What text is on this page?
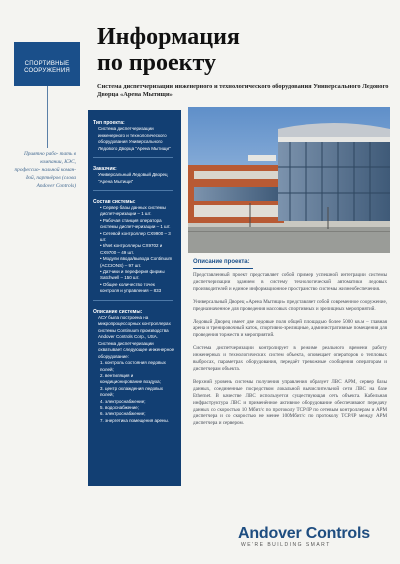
СПОРТИВНЫЕ СООРУЖЕНИЯ
Приятно рабо- тать в компании, КЭС, профессио- нальной коман- дой, партнёров (слова Andover Controls)
Информация
по проекту
Система диспетчеризации инженерного и технологического оборудования Универсального Ледового Дворца «Арена Мытищи»
Тип проекта:
Система диспетчеризации инженерного и технологического оборудования Универсального Ледового Дворца "Арена Мытищи"
Заказчик:
Универсальный Ледовый Дворец "Арена Мытищи"
Состав системы:
• Сервер базы данных системы диспетчеризации – 1 шт.
• Рабочая станция оператора системы диспетчеризации – 1 шт.
• Сетевой контроллер CX9900 – 3 шт.
• I/Net контроллеры CX9702 и CX9700 – 49 шт.
• Модули ввода/вывода Continuum (ACCIONS) – 97 шт.
• Датчики и переферия фирмы Satchwell – 150 шт.
• Общее количество точек контроля и управления – 833
Описание системы:
АСУ была построена на микропроцессорных контроллерах системы Continuum производства Andover Controls Corp., USA. Система диспетчеризации охватывает следующее инженерное оборудование:
1. контроль состояния ледовых полей;
2. вентиляция и кондиционирование воздуха;
3. центр охлаждения ледовых полей;
4. электроснабжение;
5. водоснабжение;
6. электроснабжение;
7. энергетика помещения арены.
Описание проекта:

Представленный проект представляет собой пример успешной интеграции системы диспетчеризации зданием в систему технологической автоматики ледовых производителей и единое информационное пространство системы жизнеобеспечения.

Универсальный Дворец «Арена Мытищи» представляет собой современное сооружение, предназначенное для проведения массовых спортивных и зрелищных мероприятий.

Ледовый Дворец имеет две ледовые поля общей площадью более 5000 кв.м – главная арена и тренировочный каток, спортивно-зрелищные, административные помещения для проведения торжеств и мероприятий.

Система диспетчеризации контролирует в режиме реального времени работу инженерных и технологических систем объекта, оповещает операторов о тепловых выбросах, параметрах оборудования, передаёт тревожные сообщения операторам и диспетчерам объекта.

Верхний уровень системы получения управления образует ЛВС АРМ, сервер базы данных, соединенные посредством локальной вычислительной сети ЛВС на базе Ethernet. В качестве ЛВС используется существующая сеть объекта. Кабельная инфраструктура ЛВС и применённое активное оборудование обеспечивают передачу данных со скоростью 10 Мбит/с по протоколу TCP/IP по сетевым контроллерам и АРМ диспетчера и со скоростью не менее 100Мбит/с по протоколу TCP/IP между АРМ диспетчера и сервером.

Andover Controls
WE'RE BUILDING SMART
